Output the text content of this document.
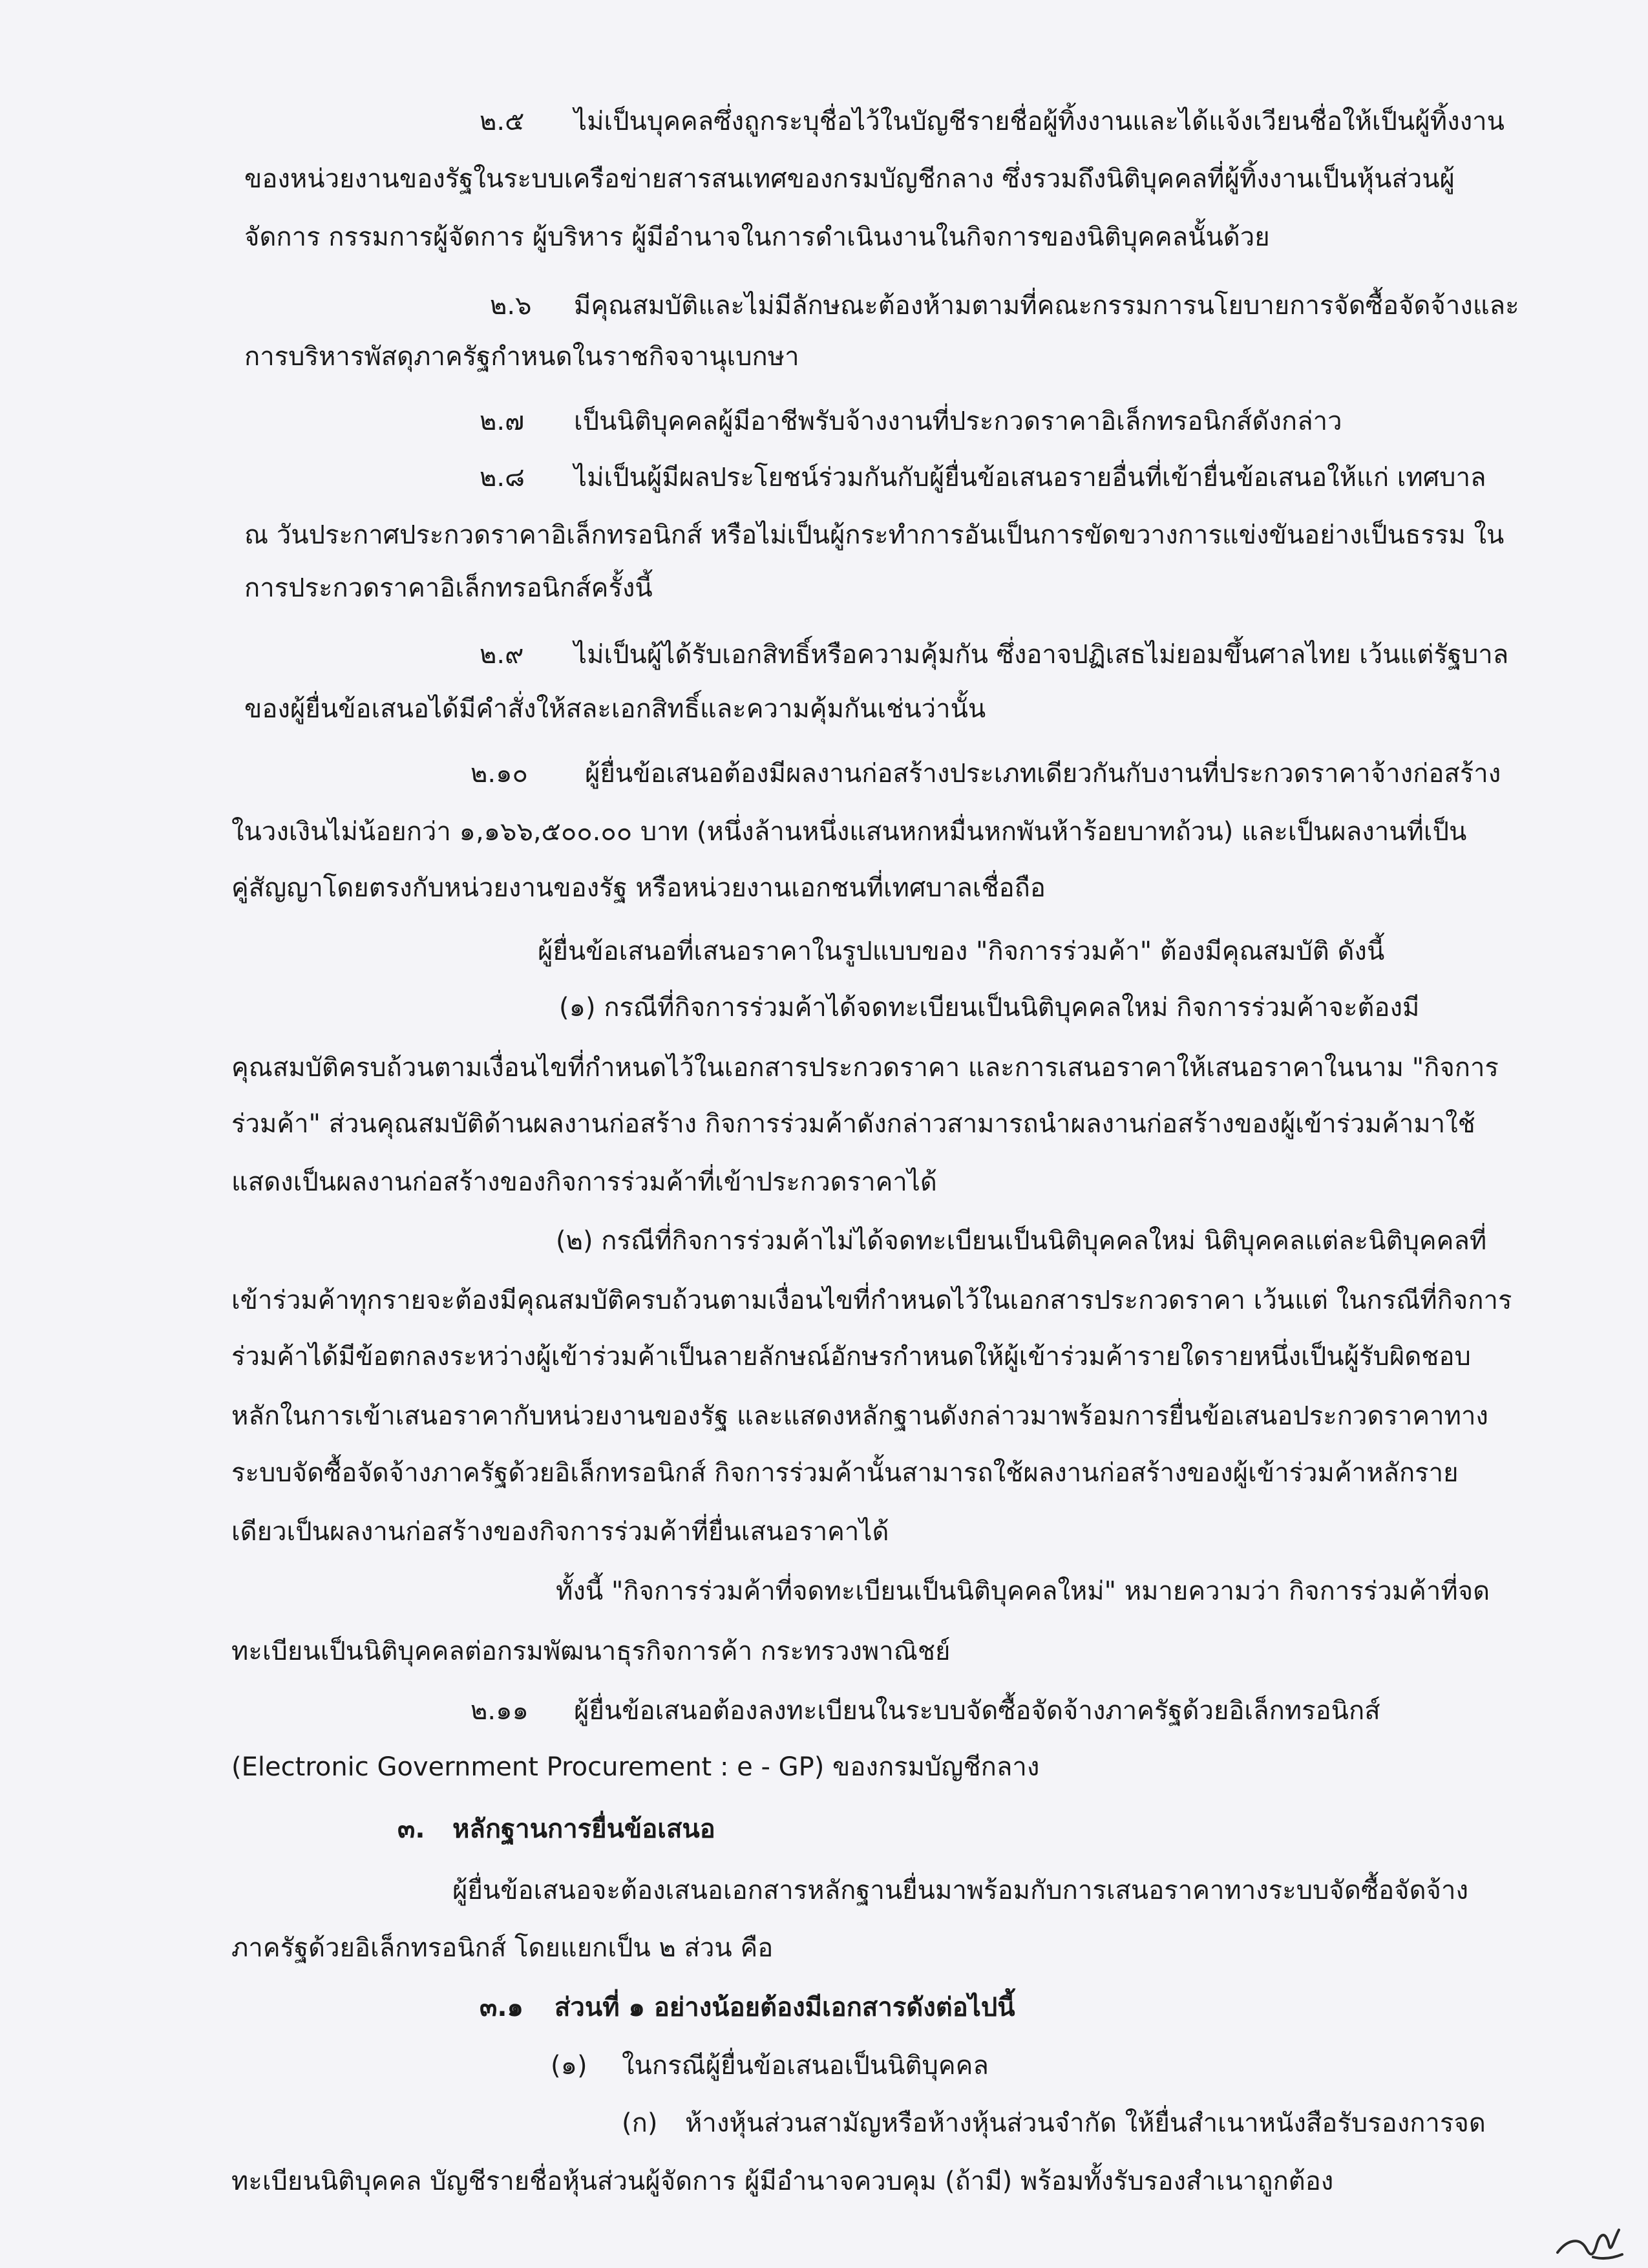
๒.๕ ไม่เป็นบุคคลซึ่งถูกระบุชื่อไว้ในบัญชีรายชื่อผู้ทิ้งงานและได้แจ้งเวียนชื่อให้เป็นผู้ทิ้งงาน
ของหน่วยงานของรัฐในระบบเครือข่ายสารสนเทศของกรมบัญชีกลาง ซึ่งรวมถึงนิติบุคคลที่ผู้ทิ้งงานเป็นหุ้นส่วนผู้
จัดการ กรรมการผู้จัดการ ผู้บริหาร ผู้มีอำนาจในการดำเนินงานในกิจการของนิติบุคคลนั้นด้วย
๒.๖ มีคุณสมบัติและไม่มีลักษณะต้องห้ามตามที่คณะกรรมการนโยบายการจัดซื้อจัดจ้างและ
การบริหารพัสดุภาครัฐกำหนดในราชกิจจานุเบกษา
๒.๗ เป็นนิติบุคคลผู้มีอาชีพรับจ้างงานที่ประกวดราคาอิเล็กทรอนิกส์ดังกล่าว
๒.๘ ไม่เป็นผู้มีผลประโยชน์ร่วมกันกับผู้ยื่นข้อเสนอรายอื่นที่เข้ายื่นข้อเสนอให้แก่ เทศบาล
ณ วันประกาศประกวดราคาอิเล็กทรอนิกส์ หรือไม่เป็นผู้กระทำการอันเป็นการขัดขวางการแข่งขันอย่างเป็นธรรม ใน
การประกวดราคาอิเล็กทรอนิกส์ครั้งนี้
๒.๙ ไม่เป็นผู้ได้รับเอกสิทธิ์หรือความคุ้มกัน ซึ่งอาจปฏิเสธไม่ยอมขึ้นศาลไทย เว้นแต่รัฐบาล
ของผู้ยื่นข้อเสนอได้มีคำสั่งให้สละเอกสิทธิ์และความคุ้มกันเช่นว่านั้น
๒.๑๐ ผู้ยื่นข้อเสนอต้องมีผลงานก่อสร้างประเภทเดียวกันกับงานที่ประกวดราคาจ้างก่อสร้าง
ในวงเงินไม่น้อยกว่า ๑,๑๖๖,๕๐๐.๐๐ บาท (หนึ่งล้านหนึ่งแสนหกหมื่นหกพันห้าร้อยบาทถ้วน) และเป็นผลงานที่เป็น
คู่สัญญาโดยตรงกับหน่วยงานของรัฐ หรือหน่วยงานเอกชนที่เทศบาลเชื่อถือ
ผู้ยื่นข้อเสนอที่เสนอราคาในรูปแบบของ "กิจการร่วมค้า" ต้องมีคุณสมบัติ ดังนี้
(๑) กรณีที่กิจการร่วมค้าได้จดทะเบียนเป็นนิติบุคคลใหม่ กิจการร่วมค้าจะต้องมี
คุณสมบัติครบถ้วนตามเงื่อนไขที่กำหนดไว้ในเอกสารประกวดราคา และการเสนอราคาให้เสนอราคาในนาม "กิจการ
ร่วมค้า" ส่วนคุณสมบัติด้านผลงานก่อสร้าง กิจการร่วมค้าดังกล่าวสามารถนำผลงานก่อสร้างของผู้เข้าร่วมค้ามาใช้
แสดงเป็นผลงานก่อสร้างของกิจการร่วมค้าที่เข้าประกวดราคาได้
(๒) กรณีที่กิจการร่วมค้าไม่ได้จดทะเบียนเป็นนิติบุคคลใหม่ นิติบุคคลแต่ละนิติบุคคลที่
เข้าร่วมค้าทุกรายจะต้องมีคุณสมบัติครบถ้วนตามเงื่อนไขที่กำหนดไว้ในเอกสารประกวดราคา เว้นแต่ ในกรณีที่กิจการ
ร่วมค้าได้มีข้อตกลงระหว่างผู้เข้าร่วมค้าเป็นลายลักษณ์อักษรกำหนดให้ผู้เข้าร่วมค้ารายใดรายหนึ่งเป็นผู้รับผิดชอบ
หลักในการเข้าเสนอราคากับหน่วยงานของรัฐ และแสดงหลักฐานดังกล่าวมาพร้อมการยื่นข้อเสนอประกวดราคาทาง
ระบบจัดซื้อจัดจ้างภาครัฐด้วยอิเล็กทรอนิกส์ กิจการร่วมค้านั้นสามารถใช้ผลงานก่อสร้างของผู้เข้าร่วมค้าหลักราย
เดียวเป็นผลงานก่อสร้างของกิจการร่วมค้าที่ยื่นเสนอราคาได้
ทั้งนี้ "กิจการร่วมค้าที่จดทะเบียนเป็นนิติบุคคลใหม่" หมายความว่า กิจการร่วมค้าที่จด
ทะเบียนเป็นนิติบุคคลต่อกรมพัฒนาธุรกิจการค้า กระทรวงพาณิชย์
๒.๑๑ ผู้ยื่นข้อเสนอต้องลงทะเบียนในระบบจัดซื้อจัดจ้างภาครัฐด้วยอิเล็กทรอนิกส์
(Electronic Government Procurement : e - GP) ของกรมบัญชีกลาง
๓. หลักฐานการยื่นข้อเสนอ
ผู้ยื่นข้อเสนอจะต้องเสนอเอกสารหลักฐานยื่นมาพร้อมกับการเสนอราคาทางระบบจัดซื้อจัดจ้าง
ภาครัฐด้วยอิเล็กทรอนิกส์ โดยแยกเป็น ๒ ส่วน คือ
๓.๑ ส่วนที่ ๑ อย่างน้อยต้องมีเอกสารดังต่อไปนี้
(๑) ในกรณีผู้ยื่นข้อเสนอเป็นนิติบุคคล
(ก) ห้างหุ้นส่วนสามัญหรือห้างหุ้นส่วนจำกัด ให้ยื่นสำเนาหนังสือรับรองการจด
ทะเบียนนิติบุคคล บัญชีรายชื่อหุ้นส่วนผู้จัดการ ผู้มีอำนาจควบคุม (ถ้ามี) พร้อมทั้งรับรองสำเนาถูกต้อง
